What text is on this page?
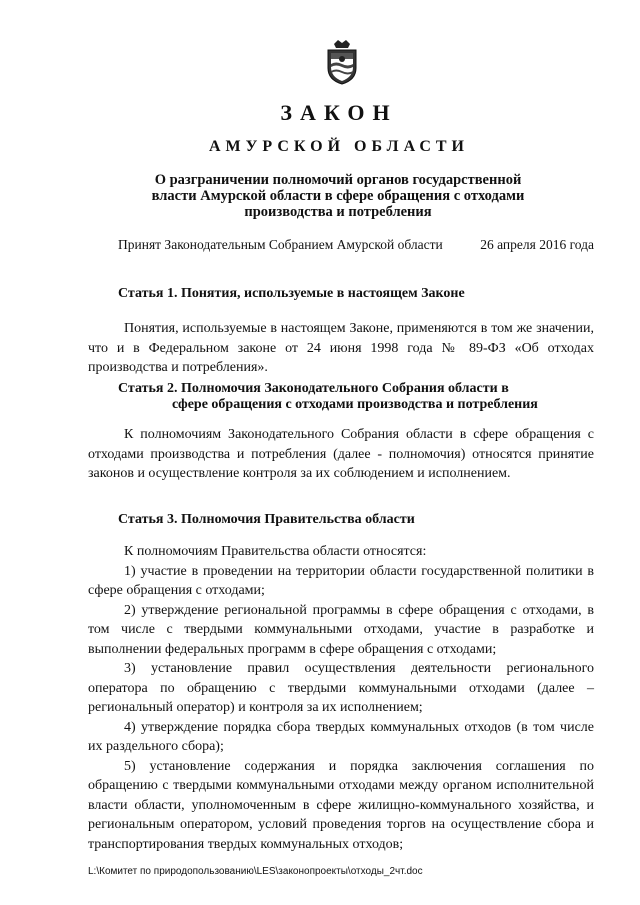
ЗАКОН
АМУРСКОЙ ОБЛАСТИ
О разграничении полномочий органов государственной
власти Амурской области в сфере обращения с отходами
производства и потребления
Принят Законодательным Собранием Амурской области	26 апреля 2016 года
Статья 1. Понятия, используемые в настоящем Законе
Понятия, используемые в настоящем Законе, применяются в том же значении, что и в Федеральном законе от 24 июня 1998 года № 89-ФЗ «Об отходах производства и потребления».
Статья 2. Полномочия Законодательного Собрания области в
сфере обращения с отходами производства и потребления
К полномочиям Законодательного Собрания области в сфере обращения с отходами производства и потребления (далее - полномочия) относятся принятие законов и осуществление контроля за их соблюдением и исполнением.
Статья 3. Полномочия Правительства области

К полномочиям Правительства области относятся:

1) участие в проведении на территории области государственной политики в сфере обращения с отходами;

2) утверждение региональной программы в сфере обращения с отходами, в том числе с твердыми коммунальными отходами, участие в разработке и выполнении федеральных программ в сфере обращения с отходами;

3) установление правил осуществления деятельности регионального оператора по обращению с твердыми коммунальными отходами (далее – региональный оператор) и контроля за их исполнением;

4) утверждение порядка сбора твердых коммунальных отходов (в том числе их раздельного сбора);

5) установление содержания и порядка заключения соглашения по обращению с твердыми коммунальными отходами между органом исполнительной власти области, уполномоченным в сфере жилищно-коммунального хозяйства, и региональным оператором, условий проведения торгов на осуществление сбора и транспортирования твердых коммунальных отходов;

L:\Комитет по природопользованию\LES\законопроекты\отходы_2чт.doc
